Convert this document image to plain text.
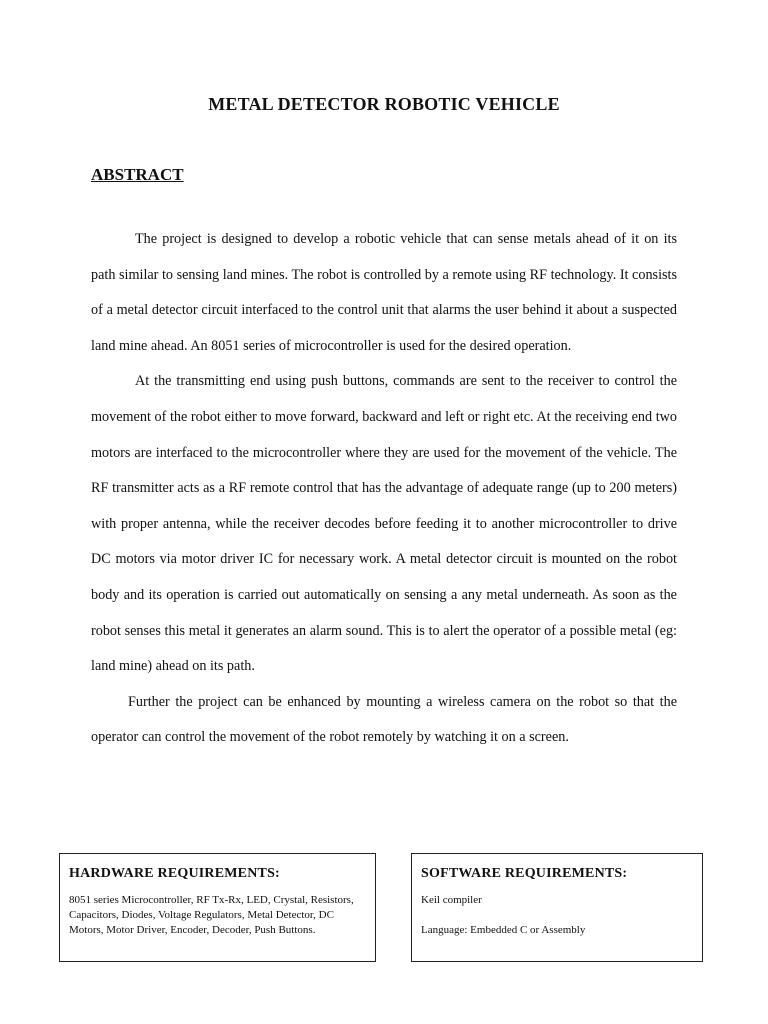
METAL DETECTOR ROBOTIC VEHICLE
ABSTRACT

The project is designed to develop a robotic vehicle that can sense metals ahead of it on its path similar to sensing land mines. The robot is controlled by a remote using RF technology. It consists of a metal detector circuit interfaced to the control unit that alarms the user behind it about a suspected land mine ahead. An 8051 series of microcontroller is used for the desired operation.

At the transmitting end using push buttons, commands are sent to the receiver to control the movement of the robot either to move forward, backward and left or right etc. At the receiving end two motors are interfaced to the microcontroller where they are used for the movement of the vehicle. The RF transmitter acts as a RF remote control that has the advantage of adequate range (up to 200 meters) with proper antenna, while the receiver decodes before feeding it to another microcontroller to drive DC motors via motor driver IC for necessary work. A metal detector circuit is mounted on the robot body and its operation is carried out automatically on sensing a any metal underneath. As soon as the robot senses this metal it generates an alarm sound. This is to alert the operator of a possible metal (eg: land mine) ahead on its path.

Further the project can be enhanced by mounting a wireless camera on the robot so that the operator can control the movement of the robot remotely by watching it on a screen.

HARDWARE REQUIREMENTS:
8051 series Microcontroller, RF Tx-Rx, LED, Crystal, Resistors, Capacitors, Diodes, Voltage Regulators, Metal Detector, DC Motors, Motor Driver, Encoder, Decoder, Push Buttons.
SOFTWARE REQUIREMENTS:
Keil compiler
Language: Embedded C or Assembly
